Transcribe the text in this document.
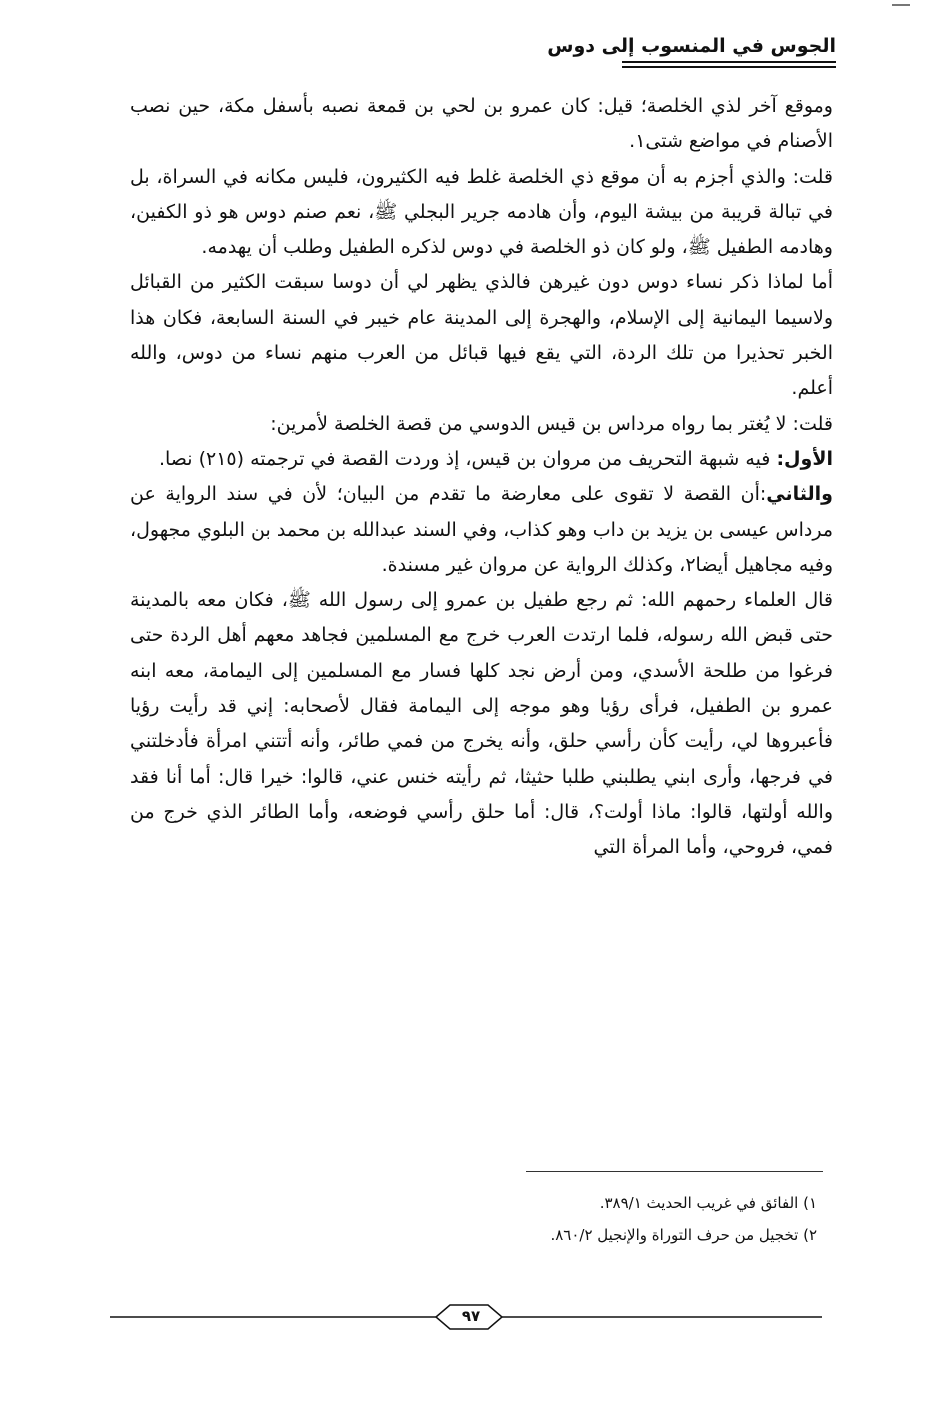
الجوس في المنسوب إلى دوس

وموقع آخر لذي الخلصة؛ قيل: كان عمرو بن لحي بن قمعة نصبه بأسفل مكة، حين نصب الأصنام في مواضع شتى١.

قلت: والذي أجزم به أن موقع ذي الخلصة غلط فيه الكثيرون، فليس مكانه في السراة، بل في تبالة قريبة من بيشة اليوم، وأن هادمه جرير البجلي ﷺ، نعم صنم دوس هو ذو الكفين، وهادمه الطفيل ﷺ، ولو كان ذو الخلصة في دوس لذكره الطفيل وطلب أن يهدمه.

أما لماذا ذكر نساء دوس دون غيرهن فالذي يظهر لي أن دوسا سبقت الكثير من القبائل ولاسيما اليمانية إلى الإسلام، والهجرة إلى المدينة عام خيبر في السنة السابعة، فكان هذا الخبر تحذيرا من تلك الردة، التي يقع فيها قبائل من العرب منهم نساء من دوس، والله أعلم.

قلت: لا يُغتر بما رواه مرداس بن قيس الدوسي من قصة الخلصة لأمرين:

الأول: فيه شبهة التحريف من مروان بن قيس، إذ وردت القصة في ترجمته (٢١٥) نصا.

والثاني:أن القصة لا تقوى على معارضة ما تقدم من البيان؛ لأن في سند الرواية عن مرداس عيسى بن يزيد بن داب وهو كذاب، وفي السند عبدالله بن محمد بن البلوي مجهول، وفيه مجاهيل أيضا٢، وكذلك الرواية عن مروان غير مسندة.

قال العلماء رحمهم الله: ثم رجع طفيل بن عمرو إلى رسول الله ﷺ، فكان معه بالمدينة حتى قبض الله رسوله، فلما ارتدت العرب خرج مع المسلمين فجاهد معهم أهل الردة حتى فرغوا من طلحة الأسدي، ومن أرض نجد كلها فسار مع المسلمين إلى اليمامة، معه ابنه عمرو بن الطفيل، فرأى رؤيا وهو موجه إلى اليمامة فقال لأصحابه: إني قد رأيت رؤيا فأعبروها لي، رأيت كأن رأسي حلق، وأنه يخرج من فمي طائر، وأنه أتتني امرأة فأدخلتني في فرجها، وأرى ابني يطلبني طلبا حثيثا، ثم رأيته خنس عني، قالوا: خيرا قال: أما أنا فقد والله أولتها، قالوا: ماذا أولت؟، قال: أما حلق رأسي فوضعه، وأما الطائر الذي خرج من فمي، فروحي، وأما المرأة التي

١) الفائق في غريب الحديث ٣٨٩/١.

٢) تخجيل من حرف التوراة والإنجيل ٨٦٠/٢.

٩٧
